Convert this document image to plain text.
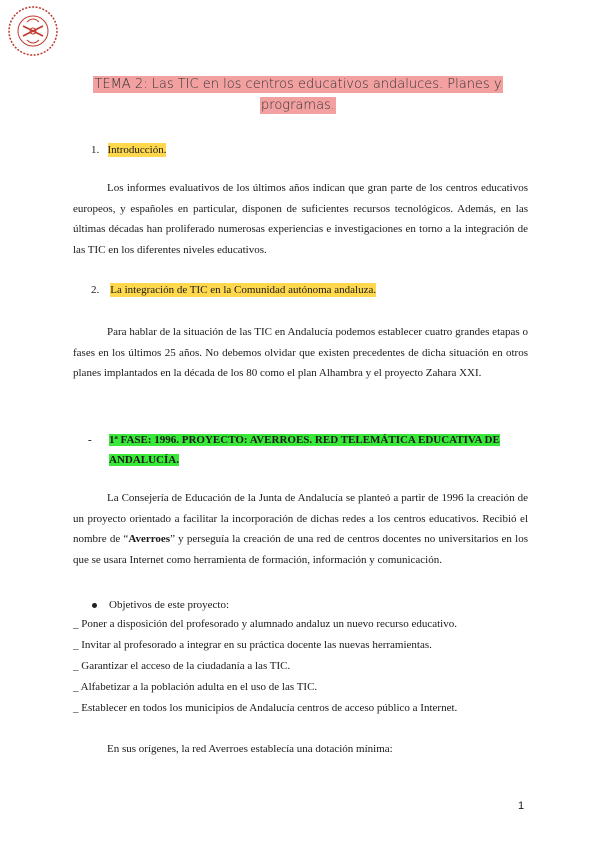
TEMA 2: Las TIC en los centros educativos andaluces. Planes y
programas.
1. Introducción.
Los informes evaluativos de los últimos años indican que gran parte de los centros educativos europeos, y españoles en particular, disponen de suficientes recursos tecnológicos. Además, en las últimas décadas han proliferado numerosas experiencias e investigaciones en torno a la integración de las TIC en los diferentes niveles educativos.
2. La integración de TIC en la Comunidad autónoma andaluza.
Para hablar de la situación de las TIC en Andalucía podemos establecer cuatro grandes etapas o fases en los últimos 25 años. No debemos olvidar que existen precedentes de dicha situación en otros planes implantados en la década de los 80 como el plan Alhambra y el proyecto Zahara XXI.
- 1ª FASE: 1996. PROYECTO: AVERROES. RED TELEMÁTICA EDUCATIVA DE ANDALUCÍA.
La Consejería de Educación de la Junta de Andalucía se planteó a partir de 1996 la creación de un proyecto orientado a facilitar la incorporación de dichas redes a los centros educativos. Recibió el nombre de “Averroes” y perseguía la creación de una red de centros docentes no universitarios en los que se usara Internet como herramienta de formación, información y comunicación.
Objetivos de este proyecto:
_ Poner a disposición del profesorado y alumnado andaluz un nuevo recurso educativo.
_ Invitar al profesorado a integrar en su práctica docente las nuevas herramientas.
_ Garantizar el acceso de la ciudadanía a las TIC.
_ Alfabetizar a la población adulta en el uso de las TIC.
_ Establecer en todos los municipios de Andalucía centros de acceso público a Internet.
En sus orígenes, la red Averroes establecía una dotación mínima:
1
